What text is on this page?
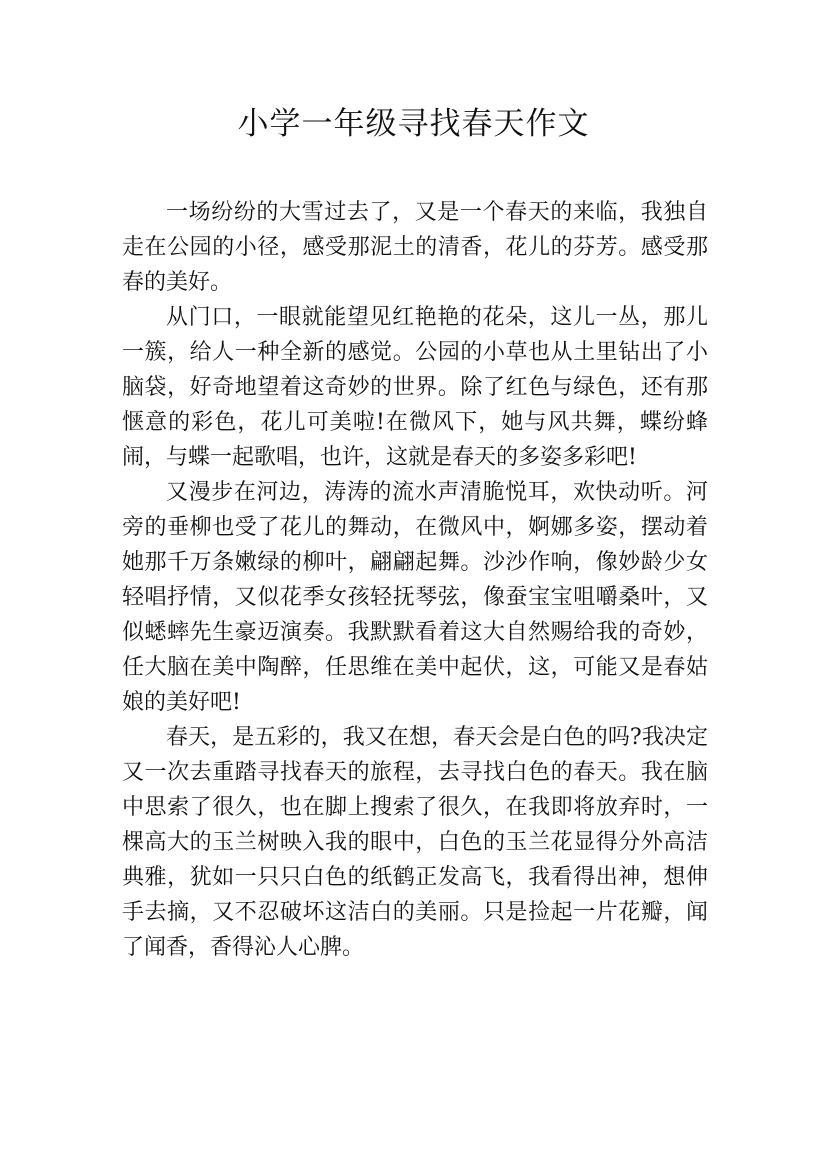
小学一年级寻找春天作文

一场纷纷的大雪过去了，又是一个春天的来临，我独自走在公园的小径，感受那泥土的清香，花儿的芬芳。感受那春的美好。

从门口，一眼就能望见红艳艳的花朵，这儿一丛，那儿一簇，给人一种全新的感觉。公园的小草也从土里钻出了小脑袋，好奇地望着这奇妙的世界。除了红色与绿色，还有那惬意的彩色，花儿可美啦!在微风下，她与风共舞，蝶纷蜂闹，与蝶一起歌唱，也许，这就是春天的多姿多彩吧!

又漫步在河边，涛涛的流水声清脆悦耳，欢快动听。河旁的垂柳也受了花儿的舞动，在微风中，婀娜多姿，摆动着她那千万条嫩绿的柳叶，翩翩起舞。沙沙作响，像妙龄少女轻唱抒情，又似花季女孩轻抚琴弦，像蚕宝宝咀嚼桑叶，又似蟋蟀先生豪迈演奏。我默默看着这大自然赐给我的奇妙，任大脑在美中陶醉，任思维在美中起伏，这，可能又是春姑娘的美好吧!

春天，是五彩的，我又在想，春天会是白色的吗?我决定又一次去重踏寻找春天的旅程，去寻找白色的春天。我在脑中思索了很久，也在脚上搜索了很久，在我即将放弃时，一棵高大的玉兰树映入我的眼中，白色的玉兰花显得分外高洁典雅，犹如一只只白色的纸鹤正发高飞，我看得出神，想伸手去摘，又不忍破坏这洁白的美丽。只是捡起一片花瓣，闻了闻香，香得沁人心脾。
